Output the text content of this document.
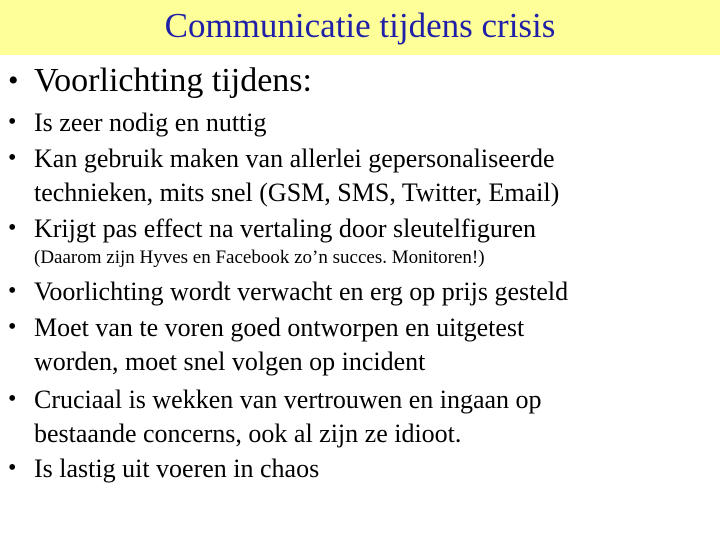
Communicatie tijdens crisis
• Voorlichting tijdens:
• Is zeer nodig en nuttig
• Kan gebruik maken van allerlei gepersonaliseerde
technieken, mits snel (GSM, SMS, Twitter, Email)
• Krijgt pas effect na vertaling door sleutelfiguren
(Daarom zijn Hyves en Facebook zo’n succes. Monitoren!)
• Voorlichting wordt verwacht en erg op prijs gesteld
• Moet van te voren goed ontworpen en uitgetest
worden, moet snel volgen op incident
• Cruciaal is wekken van vertrouwen en ingaan op
bestaande concerns, ook al zijn ze idioot.
• Is lastig uit voeren in chaos
